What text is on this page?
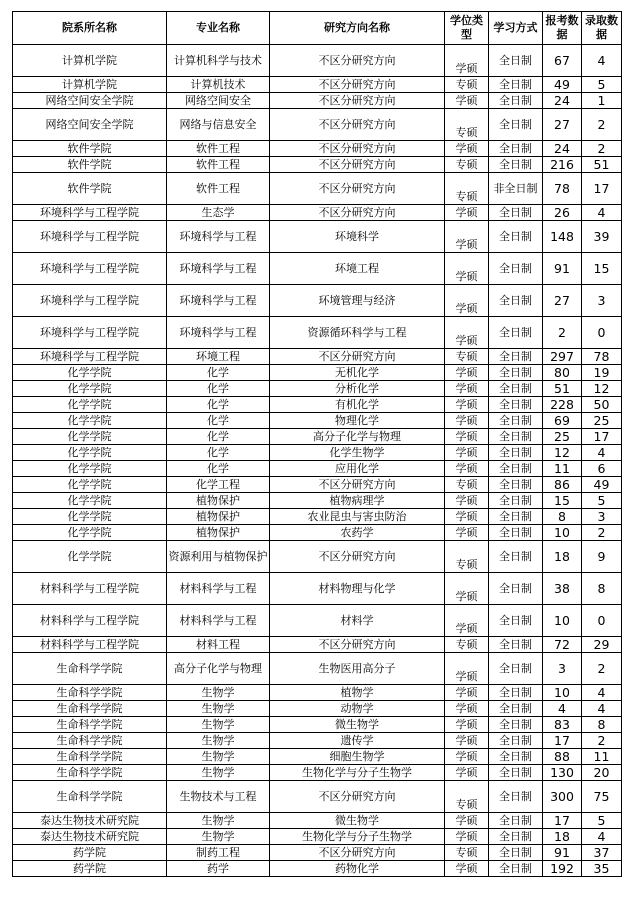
院系所名称	专业名称	研究方向名称	学位类型	学习方式	报考数据	录取数据
计算机学院	计算机科学与技术	不区分研究方向	学硕	全日制	67	4
计算机学院	计算机技术	不区分研究方向	专硕	全日制	49	5
网络空间安全学院	网络空间安全	不区分研究方向	学硕	全日制	24	1
网络空间安全学院	网络与信息安全	不区分研究方向	专硕	全日制	27	2
软件学院	软件工程	不区分研究方向	学硕	全日制	24	2
软件学院	软件工程	不区分研究方向	专硕	全日制	216	51
软件学院	软件工程	不区分研究方向	专硕	非全日制	78	17
环境科学与工程学院	生态学	不区分研究方向	学硕	全日制	26	4
环境科学与工程学院	环境科学与工程	环境科学	学硕	全日制	148	39
环境科学与工程学院	环境科学与工程	环境工程	学硕	全日制	91	15
环境科学与工程学院	环境科学与工程	环境管理与经济	学硕	全日制	27	3
环境科学与工程学院	环境科学与工程	资源循环科学与工程	学硕	全日制	2	0
环境科学与工程学院	环境工程	不区分研究方向	专硕	全日制	297	78
化学学院	化学	无机化学	学硕	全日制	80	19
化学学院	化学	分析化学	学硕	全日制	51	12
化学学院	化学	有机化学	学硕	全日制	228	50
化学学院	化学	物理化学	学硕	全日制	69	25
化学学院	化学	高分子化学与物理	学硕	全日制	25	17
化学学院	化学	化学生物学	学硕	全日制	12	4
化学学院	化学	应用化学	学硕	全日制	11	6
化学学院	化学工程	不区分研究方向	专硕	全日制	86	49
化学学院	植物保护	植物病理学	学硕	全日制	15	5
化学学院	植物保护	农业昆虫与害虫防治	学硕	全日制	8	3
化学学院	植物保护	农药学	学硕	全日制	10	2
化学学院	资源利用与植物保护	不区分研究方向	专硕	全日制	18	9
材料科学与工程学院	材料科学与工程	材料物理与化学	学硕	全日制	38	8
材料科学与工程学院	材料科学与工程	材料学	学硕	全日制	10	0
材料科学与工程学院	材料工程	不区分研究方向	专硕	全日制	72	29
生命科学学院	高分子化学与物理	生物医用高分子	学硕	全日制	3	2
生命科学学院	生物学	植物学	学硕	全日制	10	4
生命科学学院	生物学	动物学	学硕	全日制	4	4
生命科学学院	生物学	微生物学	学硕	全日制	83	8
生命科学学院	生物学	遗传学	学硕	全日制	17	2
生命科学学院	生物学	细胞生物学	学硕	全日制	88	11
生命科学学院	生物学	生物化学与分子生物学	学硕	全日制	130	20
生命科学学院	生物技术与工程	不区分研究方向	专硕	全日制	300	75
泰达生物技术研究院	生物学	微生物学	学硕	全日制	17	5
泰达生物技术研究院	生物学	生物化学与分子生物学	学硕	全日制	18	4
药学院	制药工程	不区分研究方向	专硕	全日制	91	37
药学院	药学	药物化学	学硕	全日制	192	35
